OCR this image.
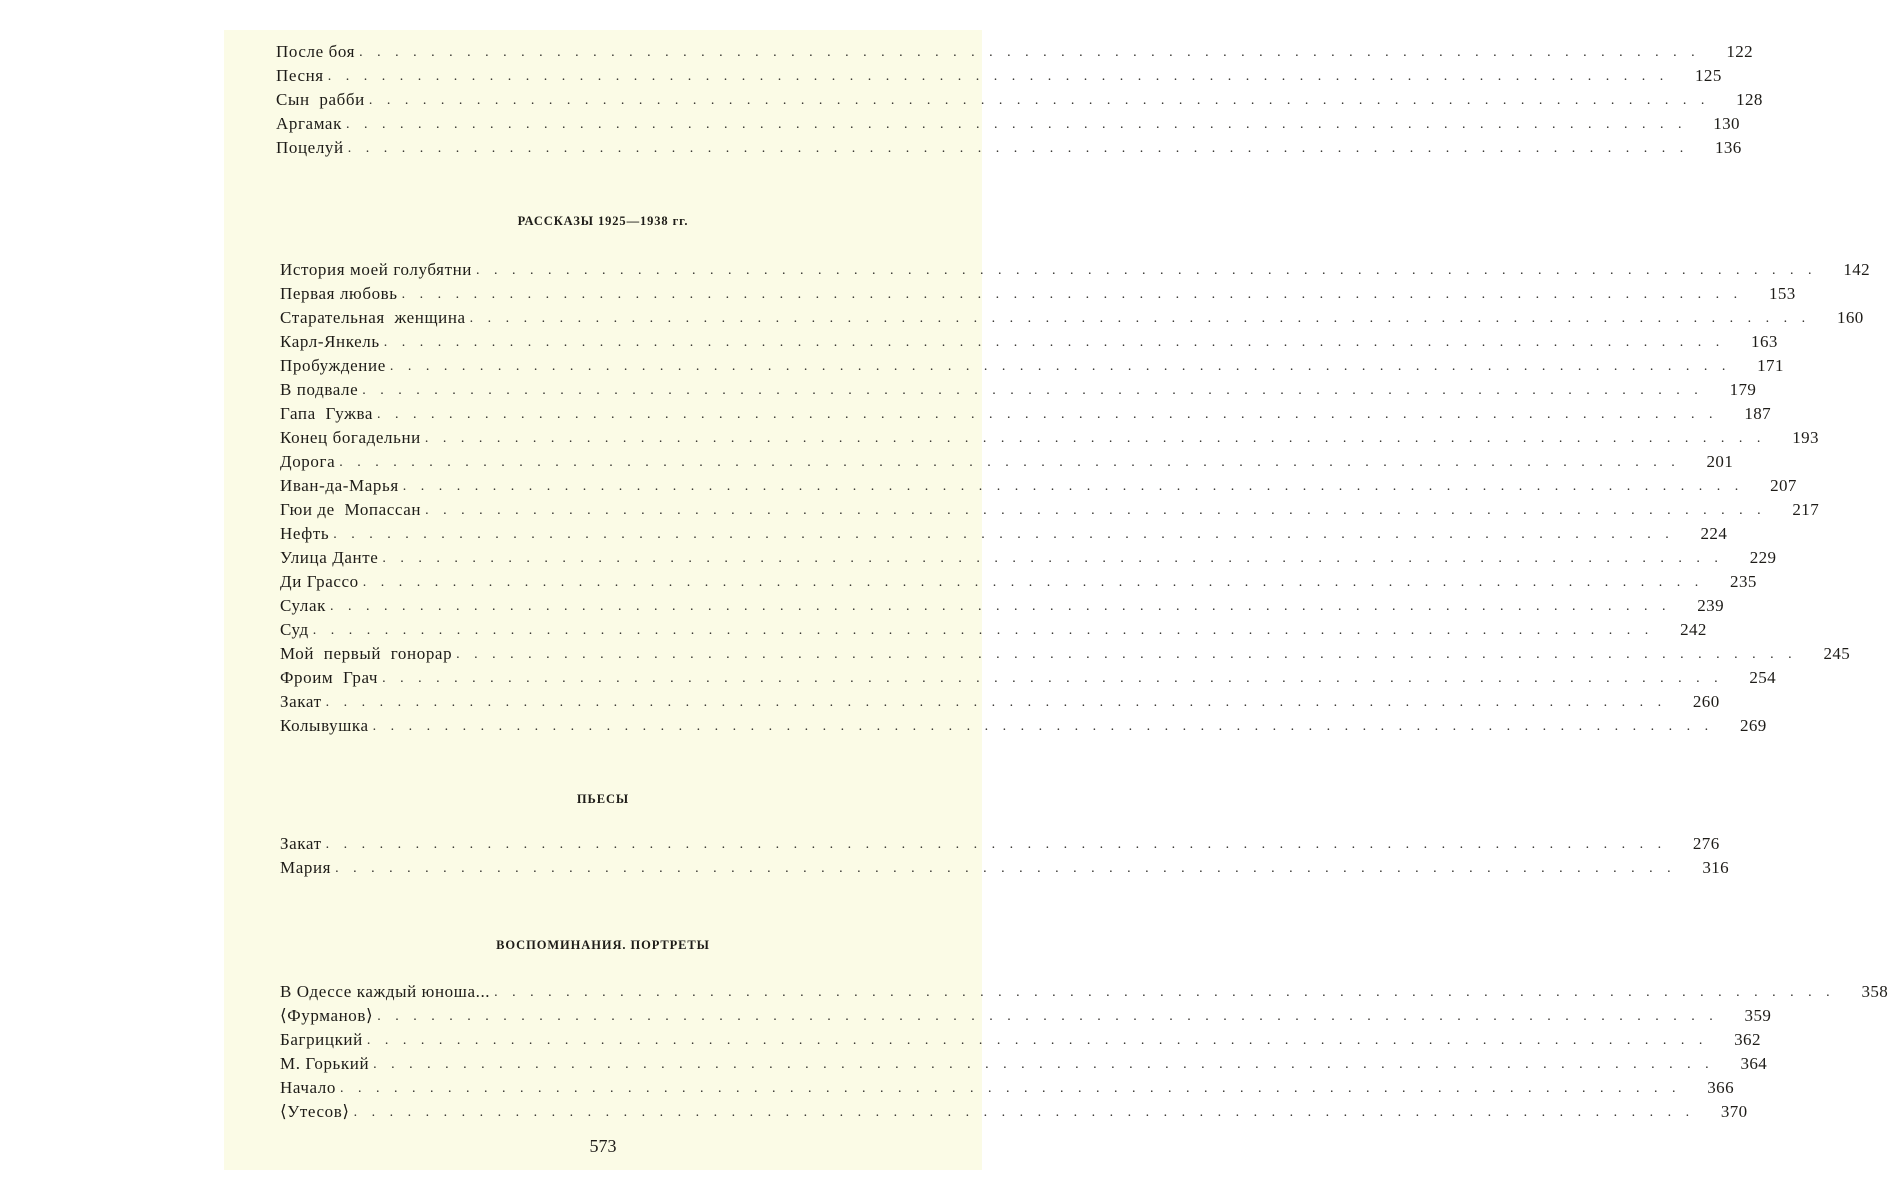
После боя ...........................................................................	122
Песня ...........................................................................	125
Сын  рабби ...........................................................................	128
Аргамак ...........................................................................	130
Поцелуй ...........................................................................	136
РАССКАЗЫ 1925—1938 гг.
История моей голубятни ...........................................................................	142
Первая любовь ...........................................................................	153
Старательная  женщина ...........................................................................	160
Карл-Янкель ...........................................................................	163
Пробуждение ...........................................................................	171
В подвале ...........................................................................	179
Гапа  Гужва ...........................................................................	187
Конец богадельни ...........................................................................	193
Дорога ...........................................................................	201
Иван-да-Марья ...........................................................................	207
Гюи де  Мопассан ...........................................................................	217
Нефть ...........................................................................	224
Улица Данте ...........................................................................	229
Ди Грассо ...........................................................................	235
Сулак ...........................................................................	239
Суд ...........................................................................	242
Мой  первый  гонорар ...........................................................................	245
Фроим  Грач ...........................................................................	254
Закат ...........................................................................	260
Колывушка ...........................................................................	269
ПЬЕСЫ
Закат ...........................................................................	276
Мария ...........................................................................	316
ВОСПОМИНАНИЯ. ПОРТРЕТЫ
В Одессе каждый юноша... ...........................................................................	358
⟨Фурманов⟩ ...........................................................................	359
Багрицкий ...........................................................................	362
М. Горький ...........................................................................	364
Начало ...........................................................................	366
⟨Утесов⟩ ...........................................................................	370
573
